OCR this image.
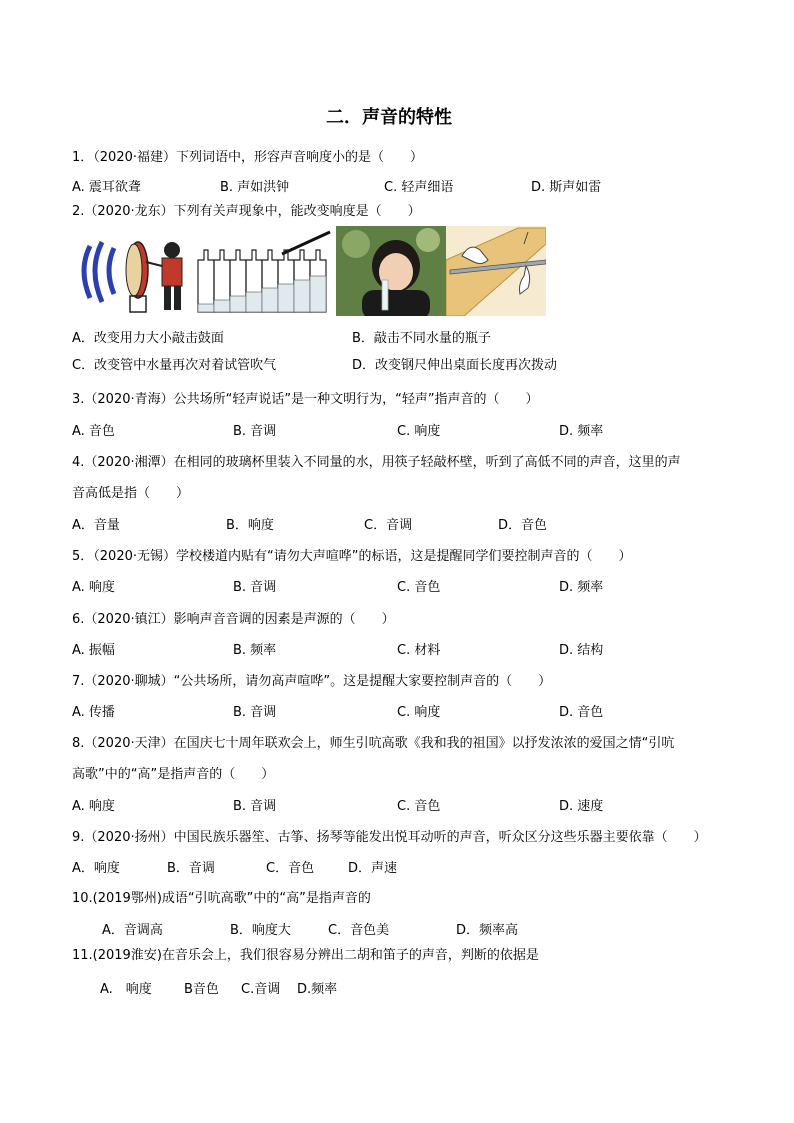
二．声音的特性
1．（2020·福建）下列词语中，形容声音响度小的是（　　）
A. 震耳欲聋	B. 声如洪钟	C. 轻声细语	D. 斯声如雷
2.（2020·龙东）下列有关声现象中，能改变响度是（　　）
A．改变用力大小敲击鼓面	B．敲击不同水量的瓶子
C．改变管中水量再次对着试管吹气	D．改变钢尺伸出桌面长度再次拨动
3.（2020·青海）公共场所“轻声说话”是一种文明行为，“轻声”指声音的（　　）
A. 音色	B. 音调	C. 响度	D. 频率
4.（2020·湘潭）在相同的玻璃杯里装入不同量的水，用筷子轻敲杯壁，听到了高低不同的声音，这里的声
音高低是指（　　）
A．音量	B．响度	C．音调	D．音色
5．（2020·无锡）学校楼道内贴有“请勿大声喧哗”的标语，这是提醒同学们要控制声音的（　　）
A. 响度	B. 音调	C. 音色	D. 频率
6.（2020·镇江）影响声音音调的因素是声源的（　　）
A. 振幅	B. 频率	C. 材料	D. 结构
7.（2020·聊城）“公共场所，请勿高声喧哗”。这是提醒大家要控制声音的（　　）
A. 传播	B. 音调	C. 响度	D. 音色
8.（2020·天津）在国庆七十周年联欢会上，师生引吭高歌《我和我的祖国》以抒发浓浓的爱国之情“引吭
高歌”中的“高”是指声音的（　　）
A. 响度	B. 音调	C. 音色	D. 速度
9.（2020·扬州）中国民族乐器笙、古筝、扬琴等能发出悦耳动听的声音，听众区分这些乐器主要依靠（　　）
A．响度	B．音调	C．音色	D．声速
10.(2019鄂州)成语“引吭高歌”中的“高”是指声音的
A．音调高	B．响度大	C．音色美	D．频率高
11.(2019淮安)在音乐会上，我们很容易分辨出二胡和笛子的声音，判断的依据是
A.　响度 B音色 C.音调 D.频率
